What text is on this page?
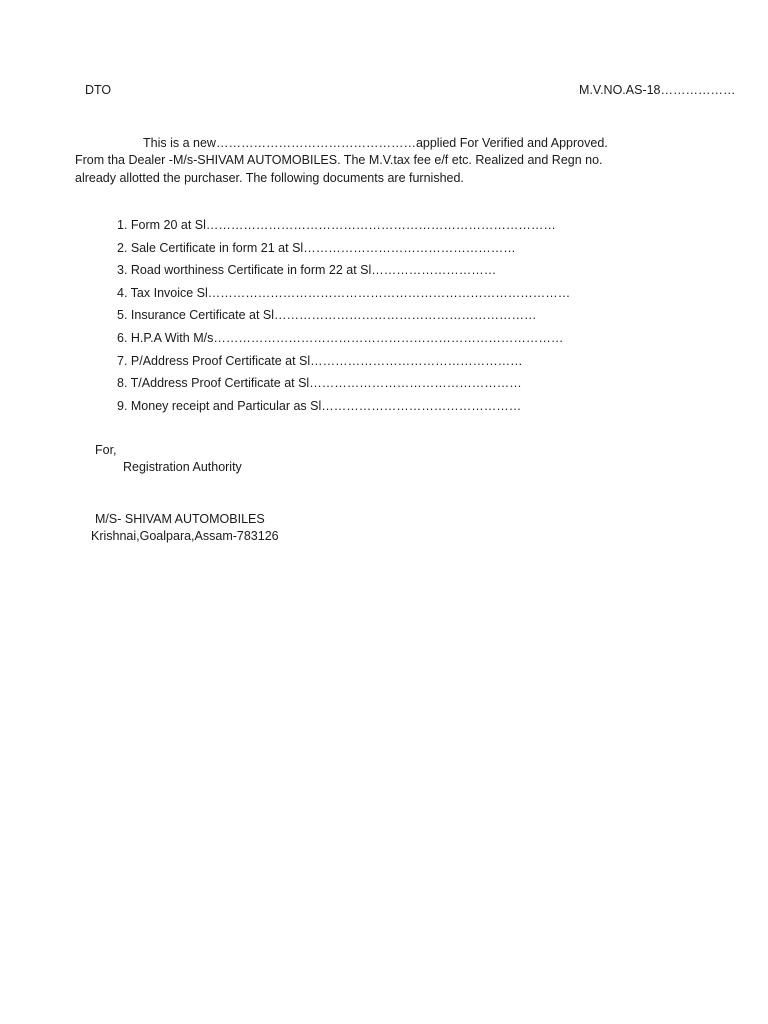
DTO	M.V.NO.AS-18………………
This is a new…………………………………………applied For Verified and Approved.
From tha Dealer -M/s-SHIVAM AUTOMOBILES. The M.V.tax fee e/f etc. Realized and Regn no.
already allotted the purchaser. The following documents are furnished.
1. Form 20 at Sl…………………………………………………………………………
2. Sale Certificate in form 21 at Sl……………………………………………
3. Road worthiness Certificate in form 22 at Sl…………………………
4. Tax Invoice Sl……………………………………………………………………………
5. Insurance Certificate at Sl………………………………………………………
6. H.P.A With M/s…………………………………………………………………………
7. P/Address Proof Certificate at Sl……………………………………………
8. T/Address Proof Certificate at Sl……………………………………………
9. Money receipt and Particular as Sl…………………………………………
For,
Registration Authority
M/S- SHIVAM AUTOMOBILES
Krishnai,Goalpara,Assam-783126
